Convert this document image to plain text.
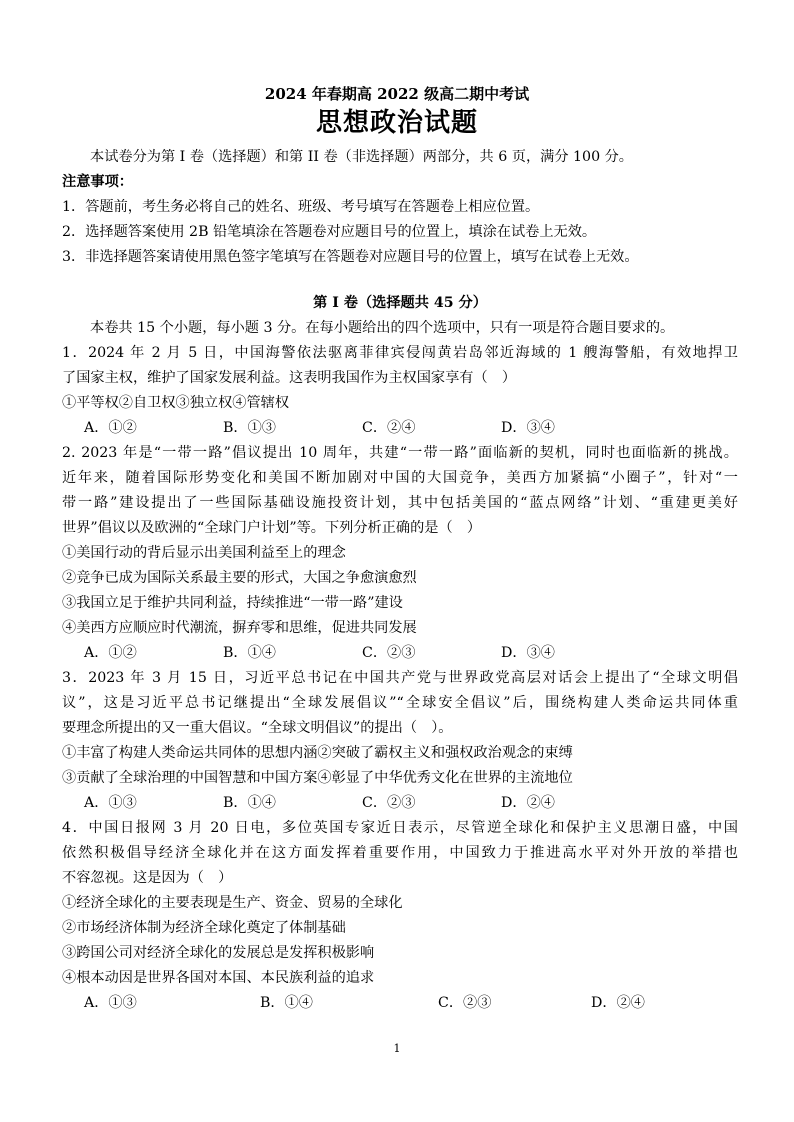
2024 年春期高 2022 级高二期中考试
思想政治试题
本试卷分为第 I 卷（选择题）和第 II 卷（非选择题）两部分，共 6 页，满分 100 分。
注意事项：
1．答题前，考生务必将自己的姓名、班级、考号填写在答题卷上相应位置。
2．选择题答案使用 2B 铅笔填涂在答题卷对应题目号的位置上，填涂在试卷上无效。
3．非选择题答案请使用黑色签字笔填写在答题卷对应题目号的位置上，填写在试卷上无效。
第 I 卷（选择题共 45 分）
本卷共 15 个小题，每小题 3 分。在每小题给出的四个选项中，只有一项是符合题目要求的。
1．2024 年 2 月 5 日，中国海警依法驱离菲律宾侵闯黄岩岛邻近海域的 1 艘海警船，有效地捍卫
了国家主权，维护了国家发展利益。这表明我国作为主权国家享有（　）
①平等权②自卫权③独立权④管辖权
A．①②	B．①③	C．②④	D．③④
2. 2023 年是“一带一路”倡议提出 10 周年，共建“一带一路”面临新的契机，同时也面临新的挑战。
近年来，随着国际形势变化和美国不断加剧对中国的大国竞争，美西方加紧搞“小圈子”，针对“一
带一路”建设提出了一些国际基础设施投资计划，其中包括美国的“蓝点网络”计划、“重建更美好
世界”倡议以及欧洲的“全球门户计划”等。下列分析正确的是（　）
①美国行动的背后显示出美国利益至上的理念
②竞争已成为国际关系最主要的形式，大国之争愈演愈烈
③我国立足于维护共同利益，持续推进“一带一路”建设
④美西方应顺应时代潮流，摒弃零和思维，促进共同发展
A．①②	B．①④	C．②③	D．③④
3．2023 年 3 月 15 日，习近平总书记在中国共产党与世界政党高层对话会上提出了“全球文明倡
议”，这是习近平总书记继提出“全球发展倡议”“全球安全倡议”后，围绕构建人类命运共同体重
要理念所提出的又一重大倡议。“全球文明倡议”的提出（　）。
①丰富了构建人类命运共同体的思想内涵②突破了霸权主义和强权政治观念的束缚
③贡献了全球治理的中国智慧和中国方案④彰显了中华优秀文化在世界的主流地位
A．①③	B．①④	C．②③	D．②④
4．中国日报网 3 月 20 日电，多位英国专家近日表示，尽管逆全球化和保护主义思潮日盛，中国
依然积极倡导经济全球化并在这方面发挥着重要作用，中国致力于推进高水平对外开放的举措也
不容忽视。这是因为（　）
①经济全球化的主要表现是生产、资金、贸易的全球化
②市场经济体制为经济全球化奠定了体制基础
③跨国公司对经济全球化的发展总是发挥积极影响
④根本动因是世界各国对本国、本民族利益的追求
A．①③	B．①④	C．②③	D．②④
1
